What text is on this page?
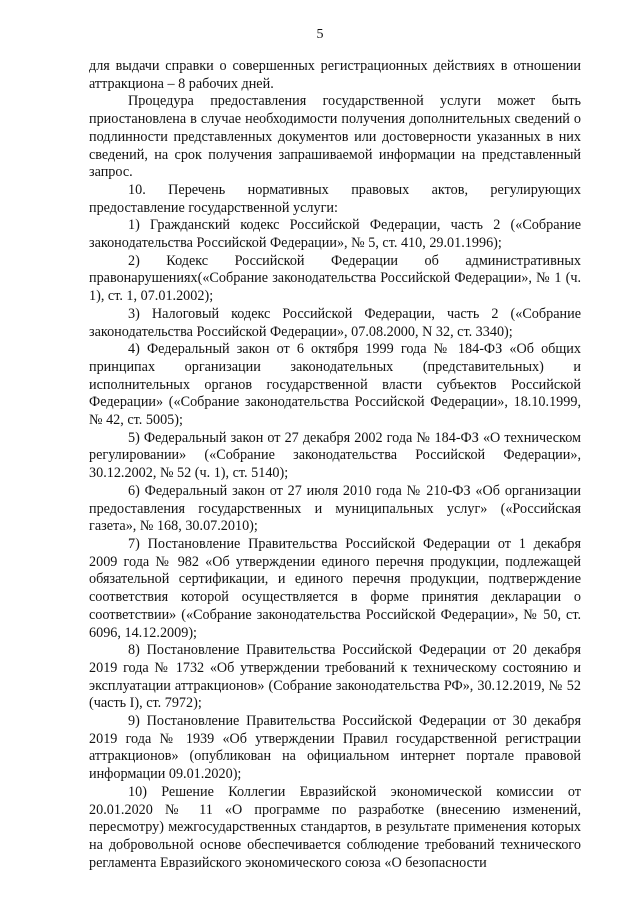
5

для выдачи справки о совершенных регистрационных действиях в отношении аттракциона – 8 рабочих дней.

Процедура предоставления государственной услуги может быть приостановлена в случае необходимости получения дополнительных сведений о подлинности представленных документов или достоверности указанных в них сведений, на срок получения запрашиваемой информации на представленный запрос.

10. Перечень нормативных правовых актов, регулирующих предоставление государственной услуги:

1) Гражданский кодекс Российской Федерации, часть 2 («Собрание законодательства Российской Федерации», № 5, ст. 410, 29.01.1996);

2) Кодекс Российской Федерации об административных правонарушениях(«Собрание законодательства Российской Федерации», № 1 (ч. 1), ст. 1, 07.01.2002);

3) Налоговый кодекс Российской Федерации, часть 2 («Собрание законодательства Российской Федерации», 07.08.2000, N 32, ст. 3340);

4) Федеральный закон от 6 октября 1999 года № 184-ФЗ «Об общих принципах организации законодательных (представительных) и исполнительных органов государственной власти субъектов Российской Федерации» («Собрание законодательства Российской Федерации», 18.10.1999, № 42, ст. 5005);

5) Федеральный закон от 27 декабря 2002 года № 184-ФЗ «О техническом регулировании» («Собрание законодательства Российской Федерации», 30.12.2002, № 52 (ч. 1), ст. 5140);

6) Федеральный закон от 27 июля 2010 года № 210-ФЗ «Об организации предоставления государственных и муниципальных услуг» («Российская газета», № 168, 30.07.2010);

7) Постановление Правительства Российской Федерации от 1 декабря 2009 года № 982 «Об утверждении единого перечня продукции, подлежащей обязательной сертификации, и единого перечня продукции, подтверждение соответствия которой осуществляется в форме принятия декларации о соответствии» («Собрание законодательства Российской Федерации», № 50, ст. 6096, 14.12.2009);

8) Постановление Правительства Российской Федерации от 20 декабря 2019 года № 1732 «Об утверждении требований к техническому состоянию и эксплуатации аттракционов» (Собрание законодательства РФ», 30.12.2019, № 52 (часть I), ст. 7972);

9) Постановление Правительства Российской Федерации от 30 декабря 2019 года № 1939 «Об утверждении Правил государственной регистрации аттракционов» (опубликован на официальном интернет портале правовой информации 09.01.2020);

10) Решение Коллегии Евразийской экономической комиссии от 20.01.2020 № 11 «О программе по разработке (внесению изменений, пересмотру) межгосударственных стандартов, в результате применения которых на добровольной основе обеспечивается соблюдение требований технического регламента Евразийского экономического союза «О безопасности
